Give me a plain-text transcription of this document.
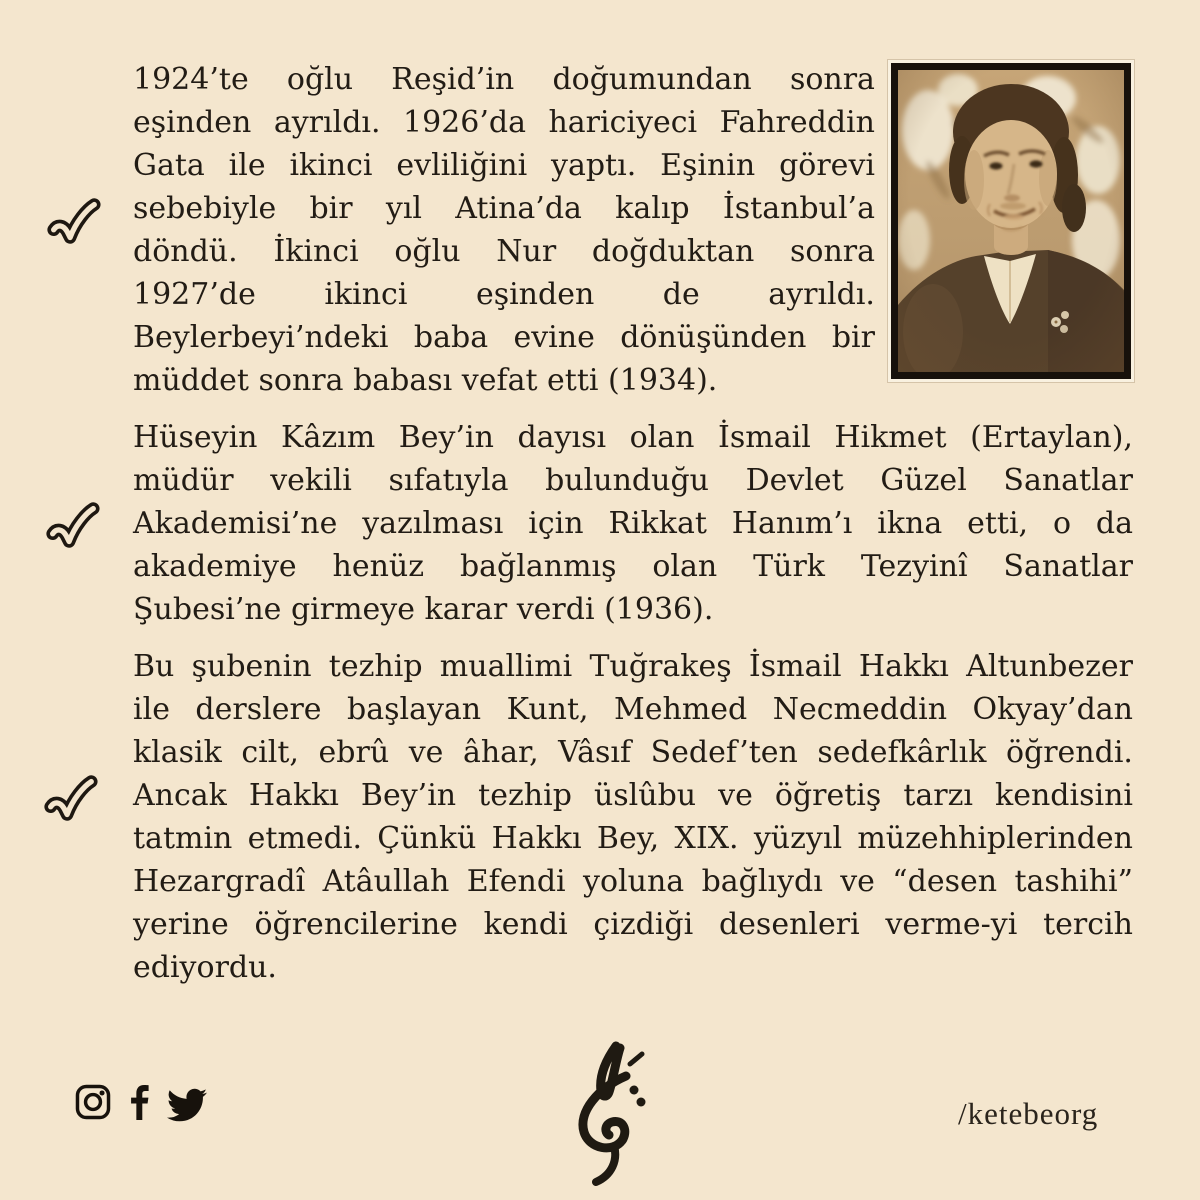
1924’te oğlu Reşid’in doğumundan sonra
eşinden ayrıldı. 1926’da hariciyeci Fahreddin
Gata ile ikinci evliliğini yaptı. Eşinin görevi
sebebiyle bir yıl Atina’da kalıp İstanbul’a
döndü. İkinci oğlu Nur doğduktan sonra
1927’de ikinci eşinden de ayrıldı.
Beylerbeyi’ndeki baba evine dönüşünden bir
müddet sonra babası vefat etti (1934).
Hüseyin Kâzım Bey’in dayısı olan İsmail Hikmet (Ertaylan),
müdür vekili sıfatıyla bulunduğu Devlet Güzel Sanatlar
Akademisi’ne yazılması için Rikkat Hanım’ı ikna etti, o da
akademiye henüz bağlanmış olan Türk Tezyinî Sanatlar
Şubesi’ne girmeye karar verdi (1936).
Bu şubenin tezhip muallimi Tuğrakeş İsmail Hakkı Altunbezer
ile derslere başlayan Kunt, Mehmed Necmeddin Okyay’dan
klasik cilt, ebrû ve âhar, Vâsıf Sedef’ten sedefkârlık öğrendi.
Ancak Hakkı Bey’in tezhip üslûbu ve öğretiş tarzı kendisini
tatmin etmedi. Çünkü Hakkı Bey, XIX. yüzyıl müzehhiplerinden
Hezargradî Atâullah Efendi yoluna bağlıydı ve “desen tashihi”
yerine öğrencilerine kendi çizdiği desenleri verme-yi tercih
ediyordu.
/ketebeorg
